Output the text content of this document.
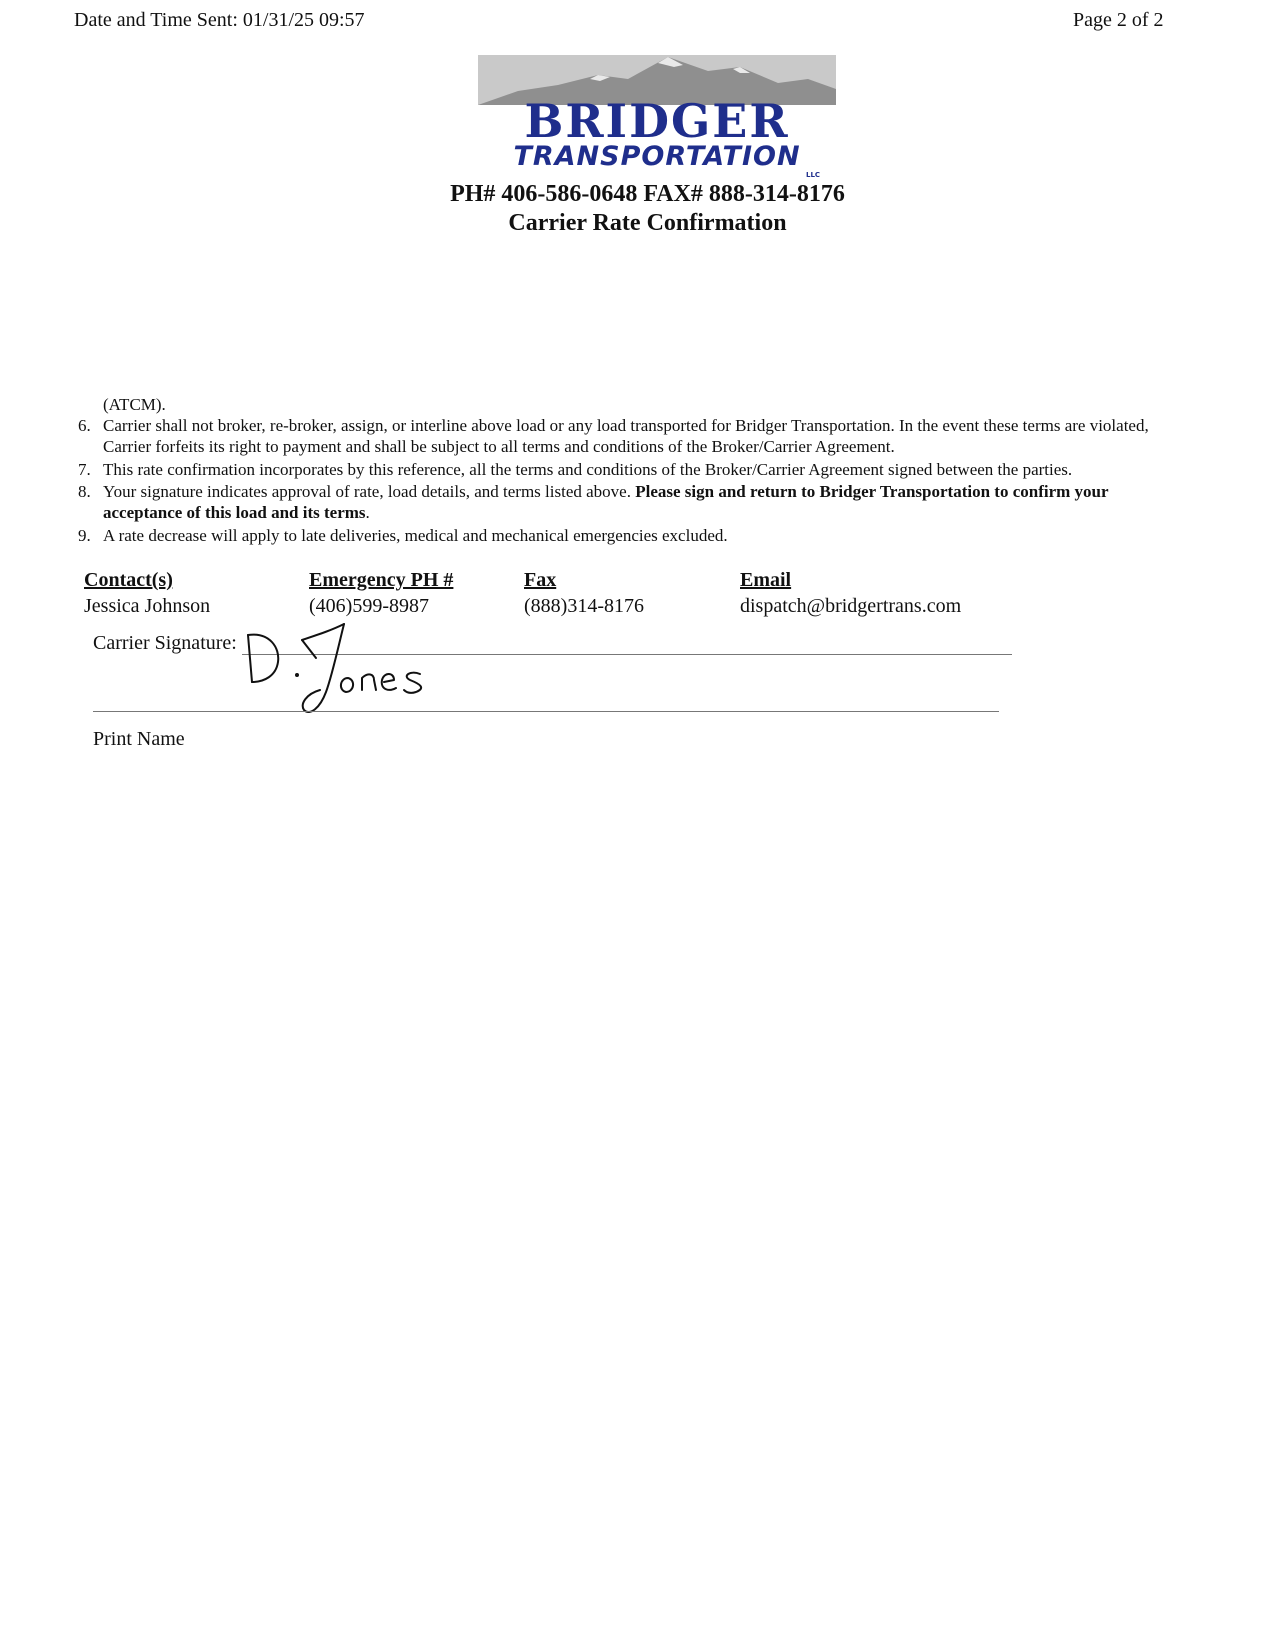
Date and Time Sent: 01/31/25 09:57	Page 2 of 2
BRIDGER
TRANSPORTATION
LLC
PH# 406-586-0648 FAX# 888-314-8176
Carrier Rate Confirmation
(ATCM).
6. Carrier shall not broker, re-broker, assign, or interline above load or any load transported for Bridger Transportation. In the event these terms are violated, Carrier forfeits its right to payment and shall be subject to all terms and conditions of the Broker/Carrier Agreement.
7. This rate confirmation incorporates by this reference, all the terms and conditions of the Broker/Carrier Agreement signed between the parties.
8. Your signature indicates approval of rate, load details, and terms listed above. Please sign and return to Bridger Transportation to confirm your acceptance of this load and its terms.
9. A rate decrease will apply to late deliveries, medical and mechanical emergencies excluded.
Contact(s)	Emergency PH #	Fax	Email
Jessica Johnson	(406)599-8987	(888)314-8176	dispatch@bridgertrans.com
Carrier Signature:
Print Name
